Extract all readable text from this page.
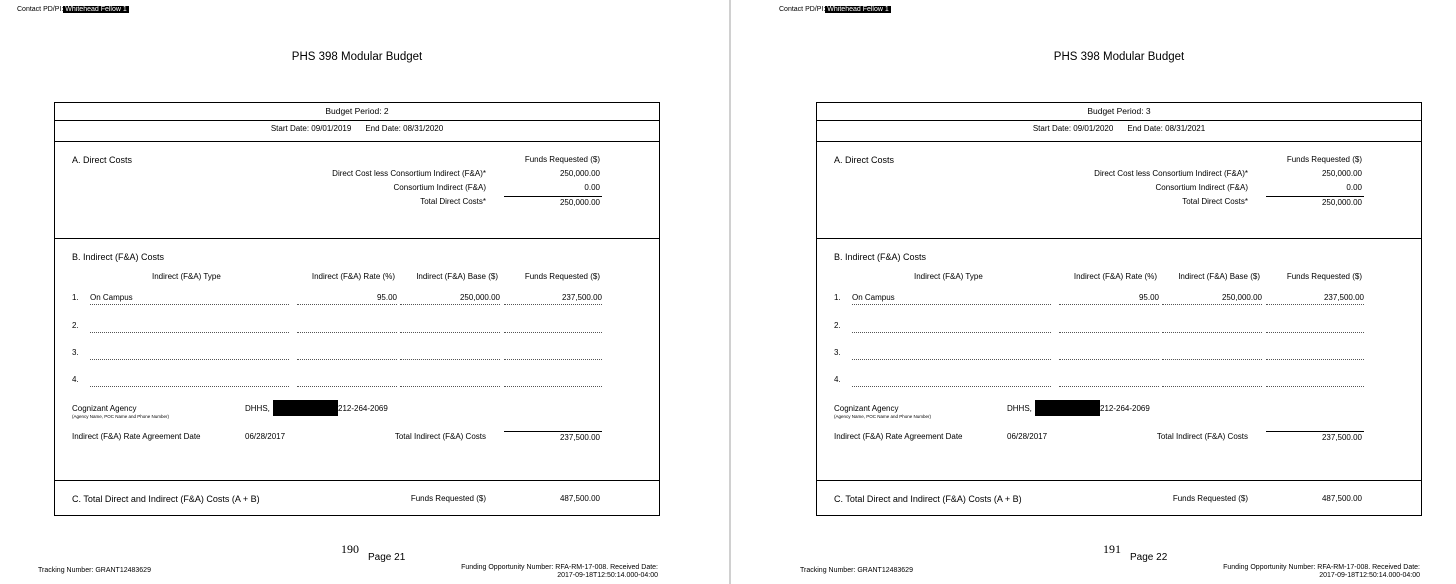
Contact PD/PI: Whitehead Fellow 1
PHS 398 Modular Budget
Budget Period: 2
Start Date: 09/01/2019 End Date: 08/31/2020
A. Direct Costs	Funds Requested ($)
Direct Cost less Consortium Indirect (F&A)*	250,000.00
Consortium Indirect (F&A)	0.00
Total Direct Costs*	250,000.00
B. Indirect (F&A) Costs
Indirect (F&A) Type	Indirect (F&A) Rate (%)	Indirect (F&A) Base ($)	Funds Requested ($)
1. On Campus	95.00	250,000.00	237,500.00
2.
3.
4.
Cognizant Agency
(Agency Name, POC Name and Phone Number)
DHHS,	212-264-2069
Indirect (F&A) Rate Agreement Date	06/28/2017	Total Indirect (F&A) Costs	237,500.00
C. Total Direct and Indirect (F&A) Costs (A + B)	Funds Requested ($)	487,500.00
190
Page 21
Tracking Number: GRANT12483629	Funding Opportunity Number: RFA-RM-17-008. Received Date:
2017-09-18T12:50:14.000-04:00
Contact PD/PI: Whitehead Fellow 1
PHS 398 Modular Budget
Budget Period: 3
Start Date: 09/01/2020 End Date: 08/31/2021
A. Direct Costs	Funds Requested ($)
Direct Cost less Consortium Indirect (F&A)*	250,000.00
Consortium Indirect (F&A)	0.00
Total Direct Costs*	250,000.00
B. Indirect (F&A) Costs
Indirect (F&A) Type	Indirect (F&A) Rate (%)	Indirect (F&A) Base ($)	Funds Requested ($)
1. On Campus	95.00	250,000.00	237,500.00
2.
3.
4.
Cognizant Agency
(Agency Name, POC Name and Phone Number)
DHHS,	212-264-2069
Indirect (F&A) Rate Agreement Date	06/28/2017	Total Indirect (F&A) Costs	237,500.00
C. Total Direct and Indirect (F&A) Costs (A + B)	Funds Requested ($)	487,500.00
191
Page 22
Tracking Number: GRANT12483629	Funding Opportunity Number: RFA-RM-17-008. Received Date:
2017-09-18T12:50:14.000-04:00
